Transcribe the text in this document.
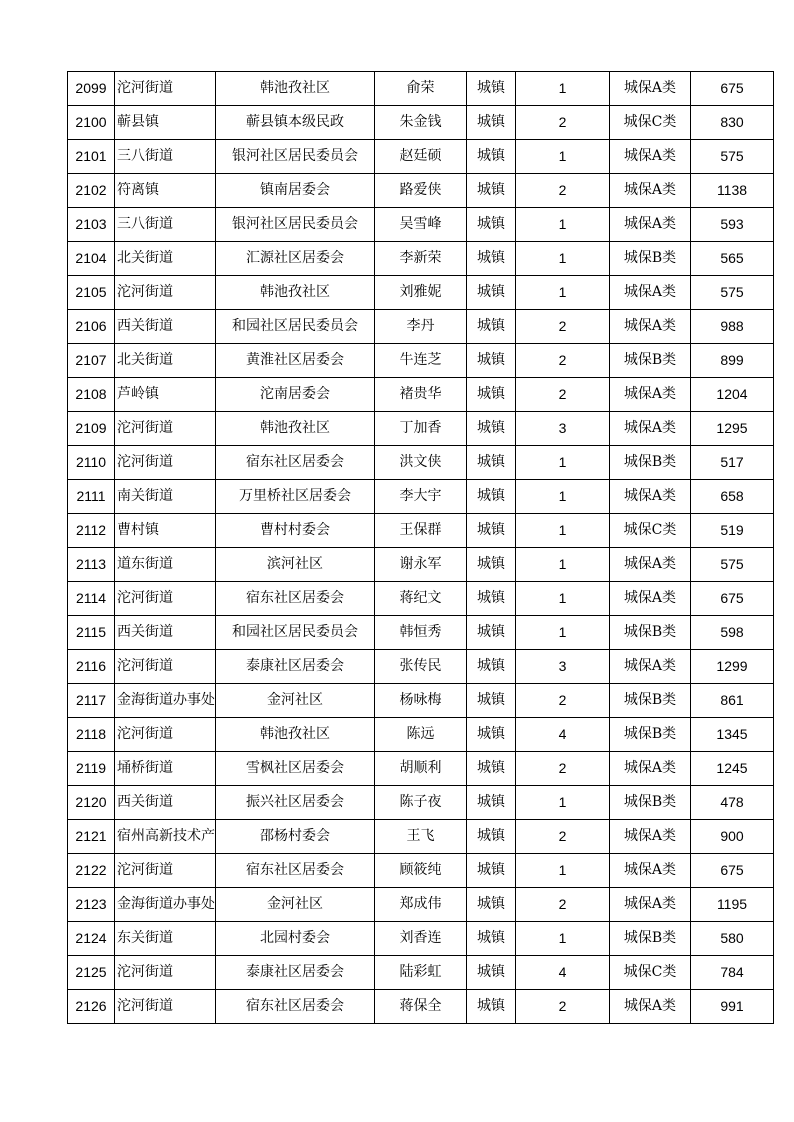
2099	沱河街道	韩池孜社区	俞荣	城镇	1	城保A类	675
2100	蕲县镇	蕲县镇本级民政	朱金钱	城镇	2	城保C类	830
2101	三八街道	银河社区居民委员会	赵廷硕	城镇	1	城保A类	575
2102	符离镇	镇南居委会	路爱侠	城镇	2	城保A类	1138
2103	三八街道	银河社区居民委员会	吴雪峰	城镇	1	城保A类	593
2104	北关街道	汇源社区居委会	李新荣	城镇	1	城保B类	565
2105	沱河街道	韩池孜社区	刘雅妮	城镇	1	城保A类	575
2106	西关街道	和园社区居民委员会	李丹	城镇	2	城保A类	988
2107	北关街道	黄淮社区居委会	牛连芝	城镇	2	城保B类	899
2108	芦岭镇	沱南居委会	褚贵华	城镇	2	城保A类	1204
2109	沱河街道	韩池孜社区	丁加香	城镇	3	城保A类	1295
2110	沱河街道	宿东社区居委会	洪文侠	城镇	1	城保B类	517
2111	南关街道	万里桥社区居委会	李大宇	城镇	1	城保A类	658
2112	曹村镇	曹村村委会	王保群	城镇	1	城保C类	519
2113	道东街道	滨河社区	谢永军	城镇	1	城保A类	575
2114	沱河街道	宿东社区居委会	蒋纪文	城镇	1	城保A类	675
2115	西关街道	和园社区居民委员会	韩恒秀	城镇	1	城保B类	598
2116	沱河街道	泰康社区居委会	张传民	城镇	3	城保A类	1299
2117	金海街道办事处	金河社区	杨咏梅	城镇	2	城保B类	861
2118	沱河街道	韩池孜社区	陈远	城镇	4	城保B类	1345
2119	埇桥街道	雪枫社区居委会	胡顺利	城镇	2	城保A类	1245
2120	西关街道	振兴社区居委会	陈子夜	城镇	1	城保B类	478
2121	宿州高新技术产	邵杨村委会	王飞	城镇	2	城保A类	900
2122	沱河街道	宿东社区居委会	顾筱纯	城镇	1	城保A类	675
2123	金海街道办事处	金河社区	郑成伟	城镇	2	城保A类	1195
2124	东关街道	北园村委会	刘香连	城镇	1	城保B类	580
2125	沱河街道	泰康社区居委会	陆彩虹	城镇	4	城保C类	784
2126	沱河街道	宿东社区居委会	蒋保全	城镇	2	城保A类	991
